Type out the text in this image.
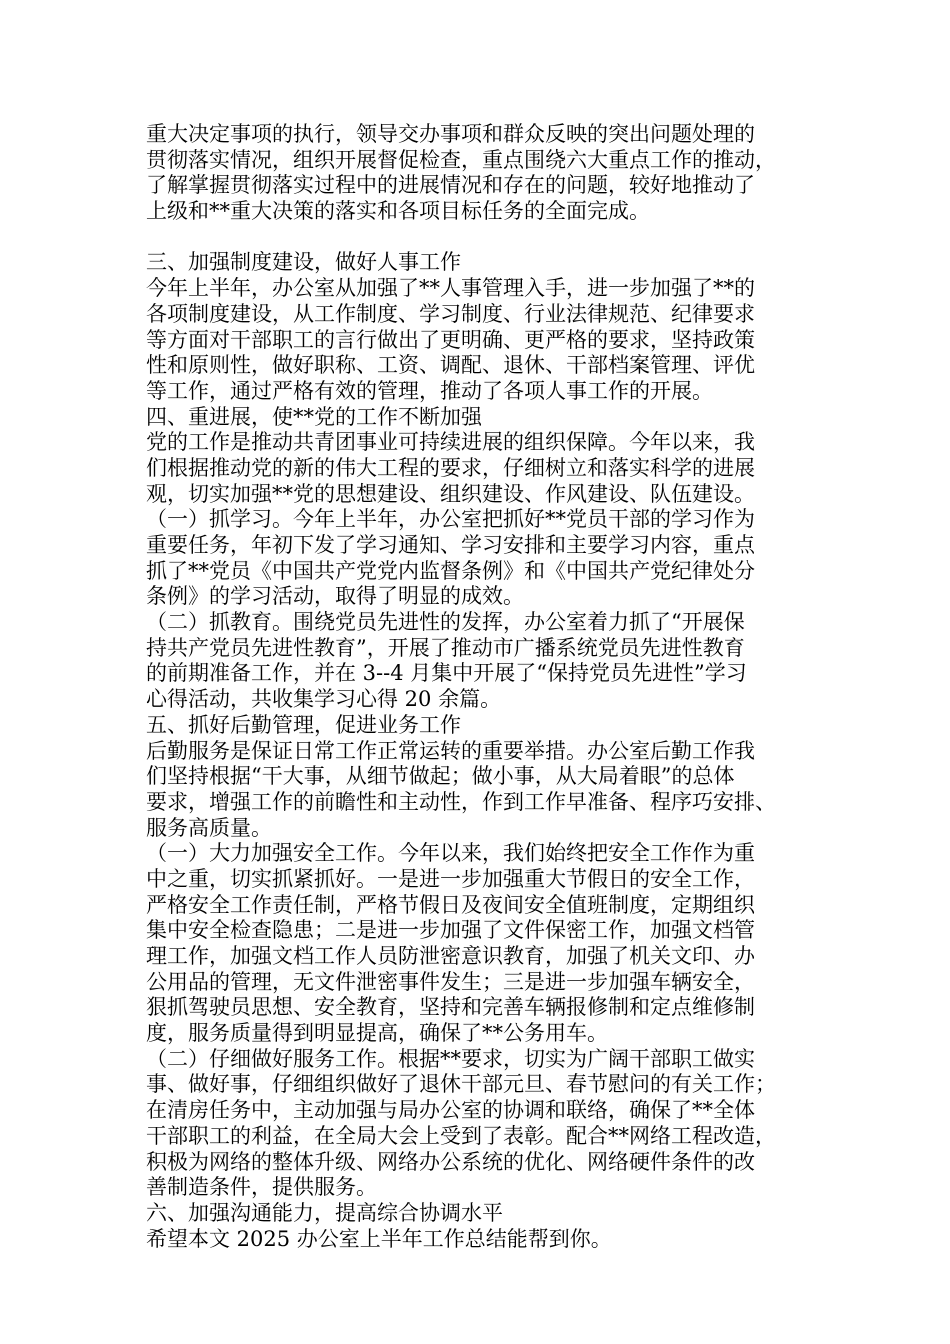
重大决定事项的执行，领导交办事项和群众反映的突出问题处理的
贯彻落实情况，组织开展督促检查，重点围绕六大重点工作的推动，
了解掌握贯彻落实过程中的进展情况和存在的问题，较好地推动了
上级和**重大决策的落实和各项目标任务的全面完成。
三、加强制度建设，做好人事工作
今年上半年，办公室从加强了**人事管理入手，进一步加强了**的
各项制度建设，从工作制度、学习制度、行业法律规范、纪律要求
等方面对干部职工的言行做出了更明确、更严格的要求，坚持政策
性和原则性，做好职称、工资、调配、退休、干部档案管理、评优
等工作，通过严格有效的管理，推动了各项人事工作的开展。
四、重进展，使**党的工作不断加强
党的工作是推动共青团事业可持续进展的组织保障。今年以来，我
们根据推动党的新的伟大工程的要求，仔细树立和落实科学的进展
观，切实加强**党的思想建设、组织建设、作风建设、队伍建设。
（一）抓学习。今年上半年，办公室把抓好**党员干部的学习作为
重要任务，年初下发了学习通知、学习安排和主要学习内容，重点
抓了**党员《中国共产党党内监督条例》和《中国共产党纪律处分
条例》的学习活动，取得了明显的成效。
（二）抓教育。围绕党员先进性的发挥，办公室着力抓了“开展保
持共产党员先进性教育”，开展了推动市广播系统党员先进性教育
的前期准备工作，并在 3--4 月集中开展了“保持党员先进性”学习
心得活动，共收集学习心得 20 余篇。
五、抓好后勤管理，促进业务工作
后勤服务是保证日常工作正常运转的重要举措。办公室后勤工作我
们坚持根据“干大事，从细节做起；做小事，从大局着眼”的总体
要求，增强工作的前瞻性和主动性，作到工作早准备、程序巧安排、
服务高质量。
（一）大力加强安全工作。今年以来，我们始终把安全工作作为重
中之重，切实抓紧抓好。一是进一步加强重大节假日的安全工作，
严格安全工作责任制，严格节假日及夜间安全值班制度，定期组织
集中安全检查隐患；二是进一步加强了文件保密工作，加强文档管
理工作，加强文档工作人员防泄密意识教育，加强了机关文印、办
公用品的管理，无文件泄密事件发生；三是进一步加强车辆安全，
狠抓驾驶员思想、安全教育，坚持和完善车辆报修制和定点维修制
度，服务质量得到明显提高，确保了**公务用车。
（二）仔细做好服务工作。根据**要求，切实为广阔干部职工做实
事、做好事，仔细组织做好了退休干部元旦、春节慰问的有关工作；
在清房任务中，主动加强与局办公室的协调和联络，确保了**全体
干部职工的利益，在全局大会上受到了表彰。配合**网络工程改造，
积极为网络的整体升级、网络办公系统的优化、网络硬件条件的改
善制造条件，提供服务。
六、加强沟通能力，提高综合协调水平
希望本文 2025 办公室上半年工作总结能帮到你。
